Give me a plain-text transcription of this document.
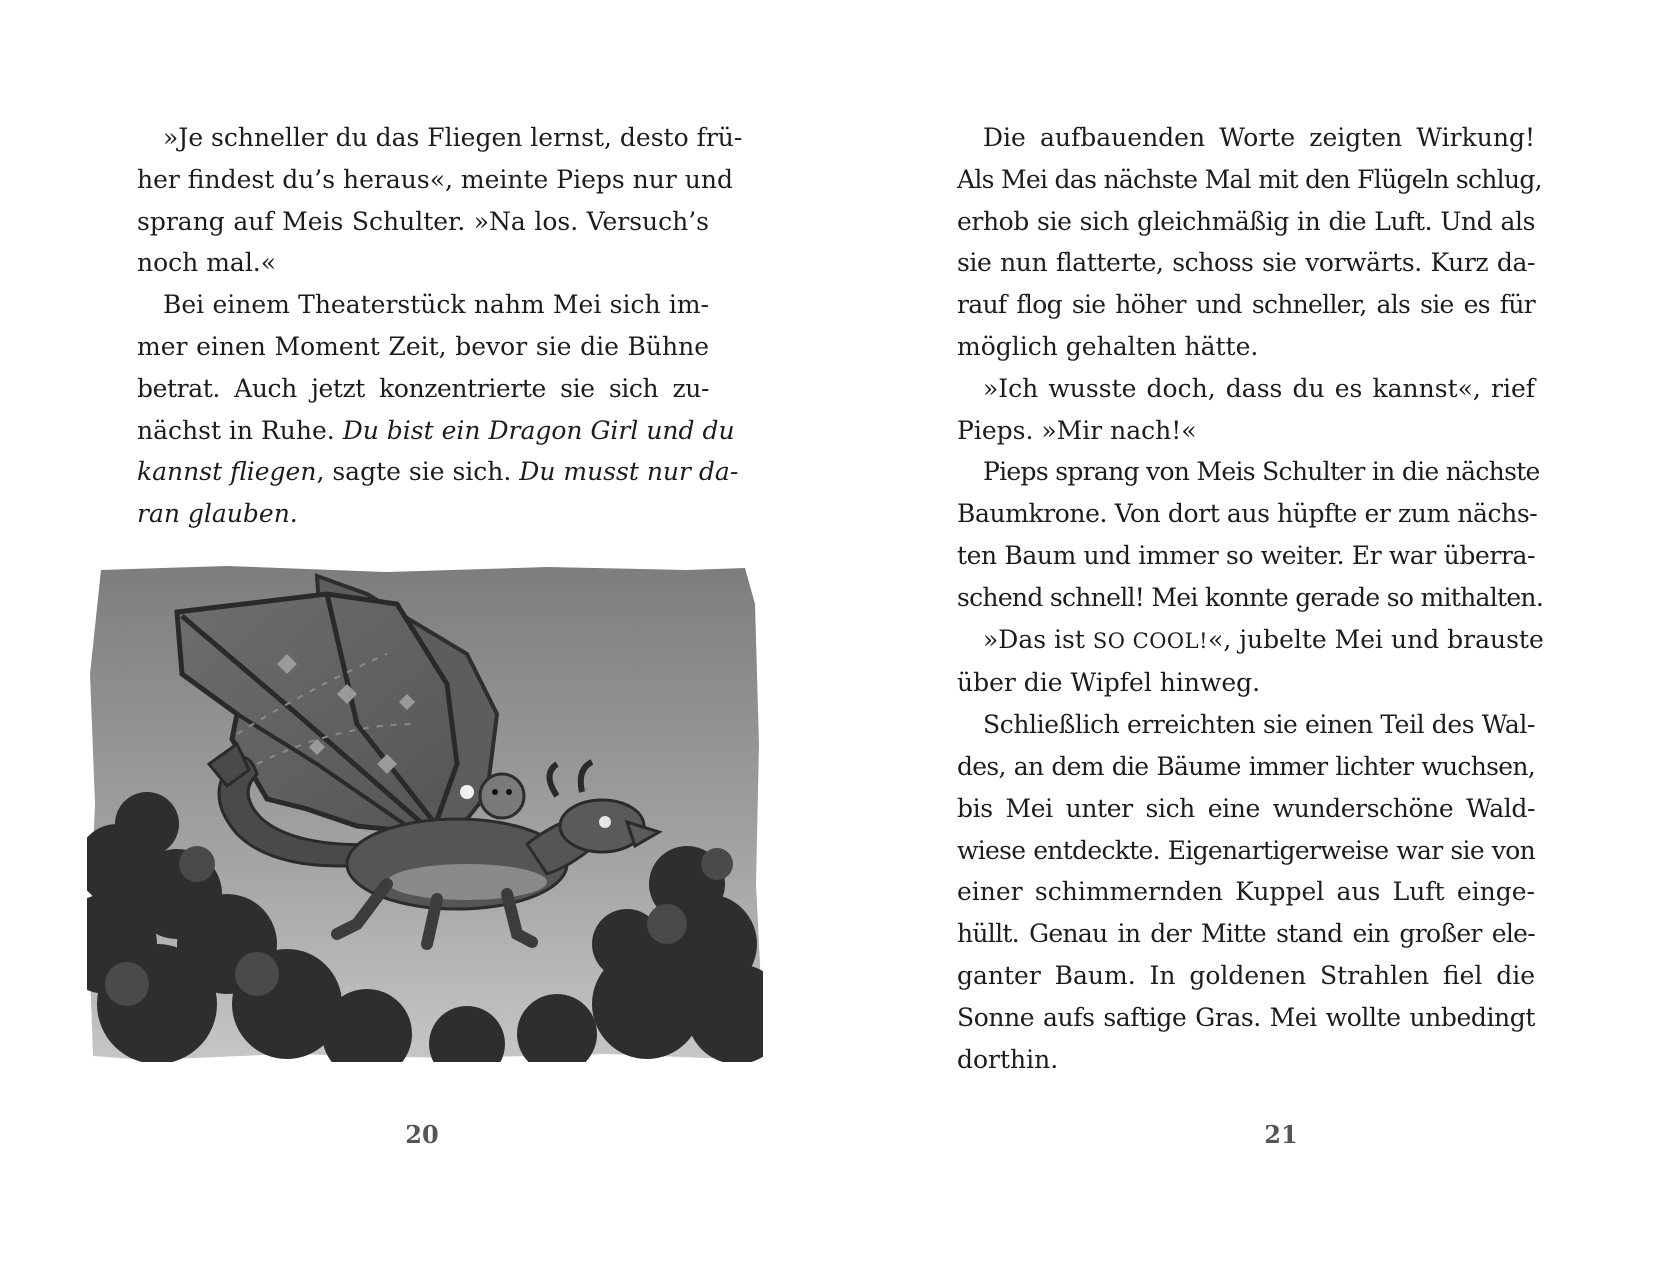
»Je schneller du das Fliegen lernst, desto frü-
her findest du’s heraus«, meinte Pieps nur und
sprang auf Meis Schulter. »Na los. Versuch’s
noch mal.«
Bei einem Theaterstück nahm Mei sich im-
mer einen Moment Zeit, bevor sie die Bühne
betrat. Auch jetzt konzentrierte sie sich zu-
nächst in Ruhe. Du bist ein Dragon Girl und du
kannst fliegen, sagte sie sich. Du musst nur da-
ran glauben.
20
Die aufbauenden Worte zeigten Wirkung!
Als Mei das nächste Mal mit den Flügeln schlug,
erhob sie sich gleichmäßig in die Luft. Und als
sie nun flatterte, schoss sie vorwärts. Kurz da-
rauf flog sie höher und schneller, als sie es für
möglich gehalten hätte.
»Ich wusste doch, dass du es kannst«, rief
Pieps. »Mir nach!«
Pieps sprang von Meis Schulter in die nächste
Baumkrone. Von dort aus hüpfte er zum nächs-
ten Baum und immer so weiter. Er war überra-
schend schnell! Mei konnte gerade so mithalten.
»Das ist SO COOL!«, jubelte Mei und brauste
über die Wipfel hinweg.
Schließlich erreichten sie einen Teil des Wal-
des, an dem die Bäume immer lichter wuchsen,
bis Mei unter sich eine wunderschöne Wald-
wiese entdeckte. Eigenartigerweise war sie von
einer schimmernden Kuppel aus Luft einge-
hüllt. Genau in der Mitte stand ein großer ele-
ganter Baum. In goldenen Strahlen fiel die
Sonne aufs saftige Gras. Mei wollte unbedingt
dorthin.
21
